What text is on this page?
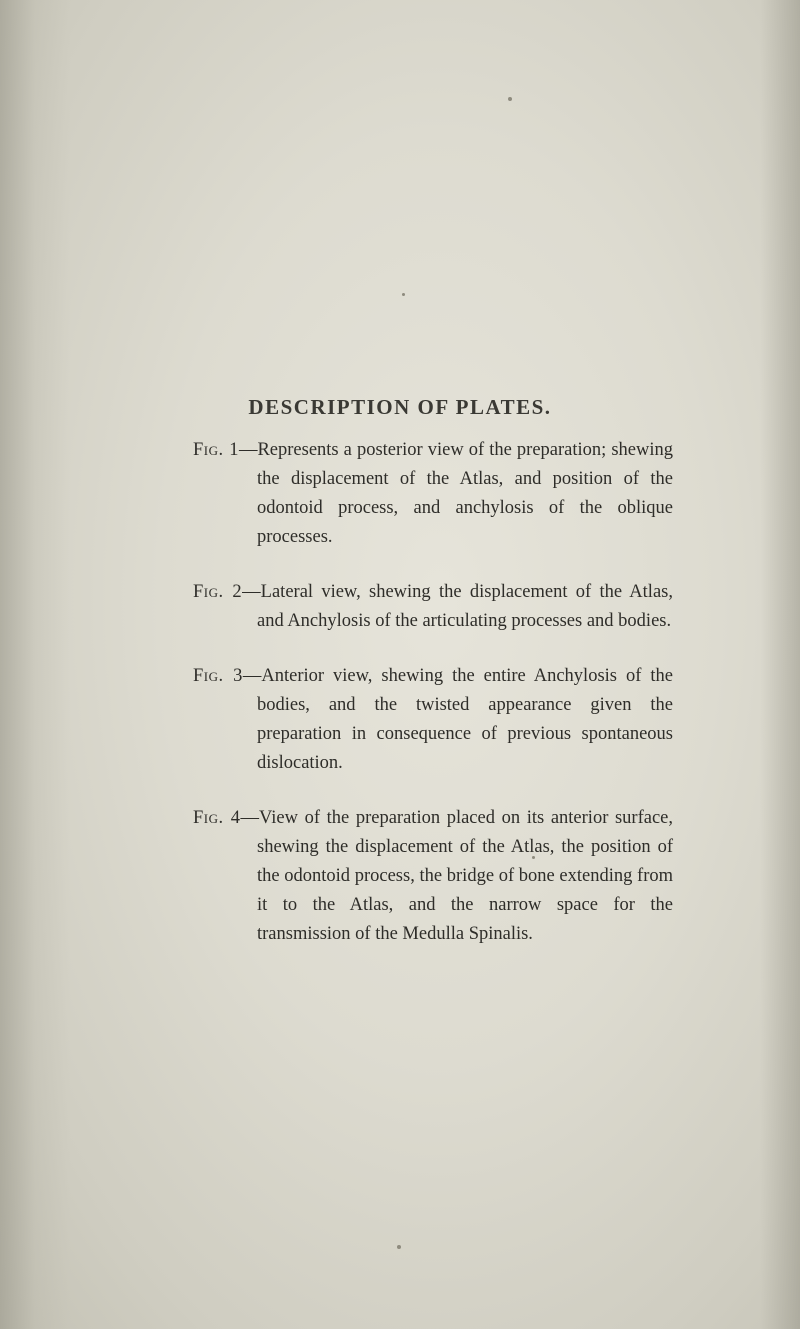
DESCRIPTION OF PLATES.
Fig. 1—Represents a posterior view of the preparation; shewing the displacement of the Atlas, and position of the odontoid process, and anchylosis of the oblique processes.
Fig. 2—Lateral view, shewing the displacement of the Atlas, and Anchylosis of the articulating processes and bodies.
Fig. 3—Anterior view, shewing the entire Anchylosis of the bodies, and the twisted appearance given the preparation in consequence of previous spontaneous dislocation.
Fig. 4—View of the preparation placed on its anterior surface, shewing the displacement of the Atlas, the position of the odontoid process, the bridge of bone extending from it to the Atlas, and the narrow space for the transmission of the Medulla Spinalis.
